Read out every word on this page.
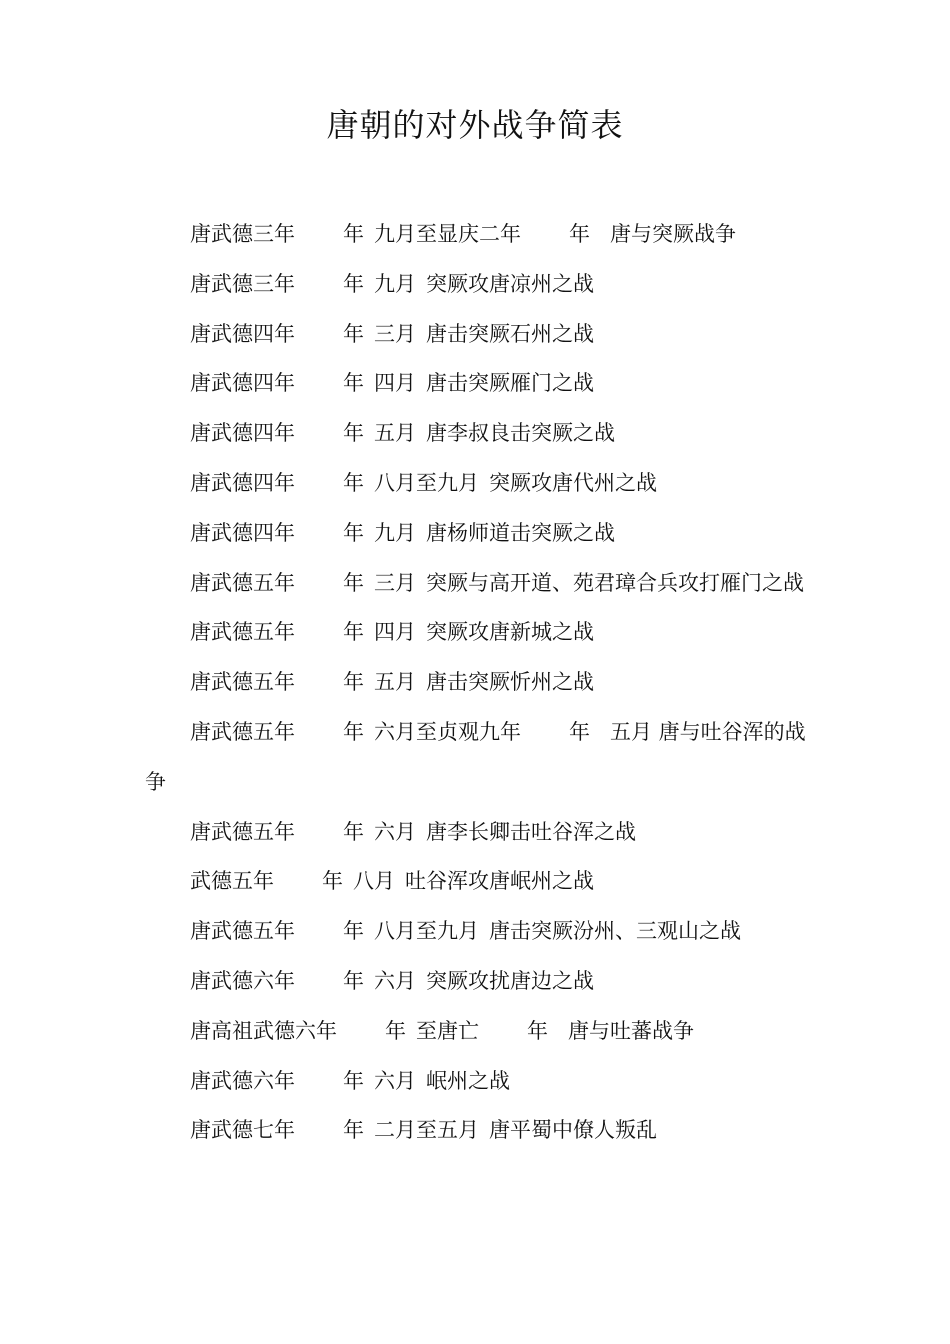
唐朝的对外战争简表

唐武德三年 年 九月至显庆二年 年 唐与突厥战争

唐武德三年 年 九月 突厥攻唐凉州之战

唐武德四年 年 三月 唐击突厥石州之战

唐武德四年 年 四月 唐击突厥雁门之战

唐武德四年 年 五月 唐李叔良击突厥之战

唐武德四年 年 八月至九月 突厥攻唐代州之战

唐武德四年 年 九月 唐杨师道击突厥之战

唐武德五年 年 三月 突厥与高开道、苑君璋合兵攻打雁门之战

唐武德五年 年 四月 突厥攻唐新城之战

唐武德五年 年 五月 唐击突厥忻州之战

唐武德五年 年 六月至贞观九年 年 五月 唐与吐谷浑的战争

唐武德五年 年 六月 唐李长卿击吐谷浑之战

武德五年 年 八月 吐谷浑攻唐岷州之战

唐武德五年 年 八月至九月 唐击突厥汾州、三观山之战

唐武德六年 年 六月 突厥攻扰唐边之战

唐高祖武德六年 年 至唐亡 年 唐与吐蕃战争

唐武德六年 年 六月 岷州之战

唐武德七年 年 二月至五月 唐平蜀中僚人叛乱
